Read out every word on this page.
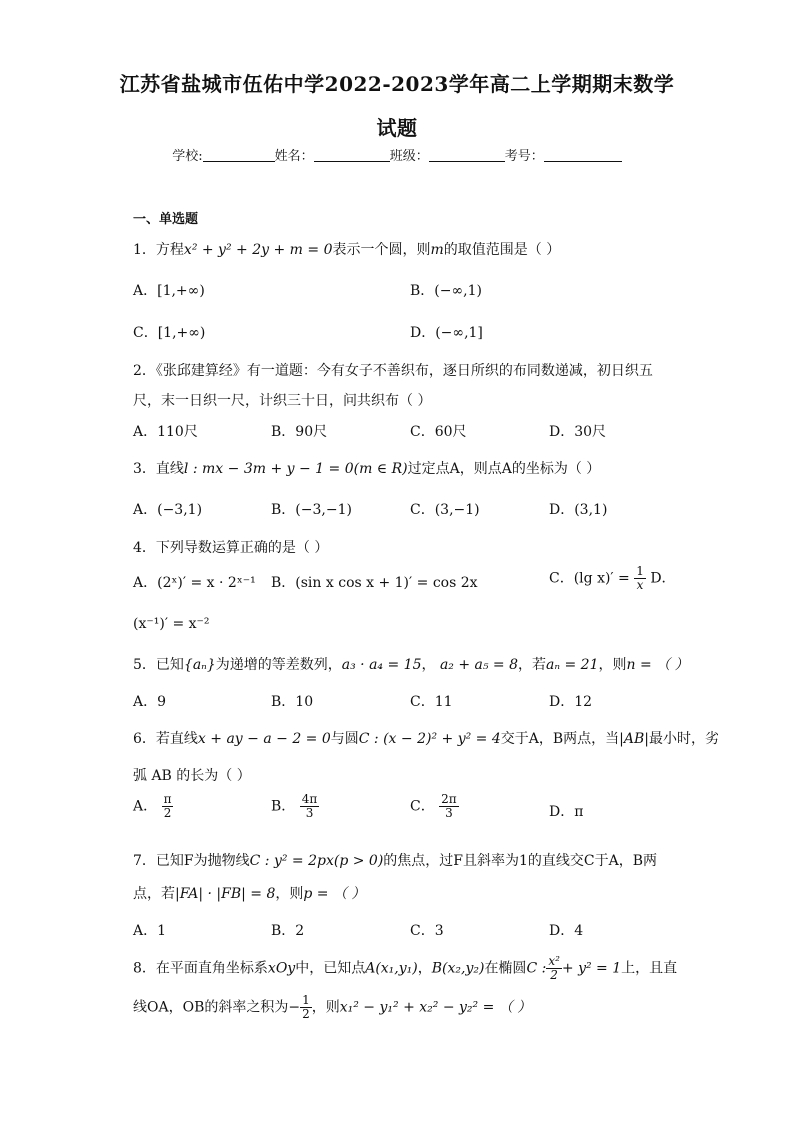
江苏省盐城市伍佑中学2022-2023学年高二上学期期末数学
试题
学校:	姓名：	班级：	考号：
一、单选题
1．方程x² + y² + 2y + m = 0表示一个圆，则m的取值范围是（ ）
A．[1,+∞)	B．(−∞,1)
C．[1,+∞)	D．(−∞,1]
2．《张邱建算经》有一道题：今有女子不善织布，逐日所织的布同数递减，初日织五
尺，末一日织一尺，计织三十日，问共织布（ ）
A．110尺	B．90尺	C．60尺	D．30尺
3．直线l : mx − 3m + y − 1 = 0(m ∈ R)过定点A，则点A的坐标为（ ）
A．(−3,1)	B．(−3,−1)	C．(3,−1)	D．(3,1)
4．下列导数运算正确的是（ ）
A．(2ˣ)′ = x · 2ˣ⁻¹ B．(sin x cos x + 1)′ = cos 2x	C．(lg $x)' = \frac{1}{x}$ D．
(x⁻¹)′ = x⁻²
5．已知{aₙ}为递增的等差数列，a₃ · a₄ = 15， a₂ + a₅ = 8，若aₙ = 21，则n = （ ）
A．9	B．10	C．11	D．12
6．若直线x + ay − a − 2 = 0与圆C : (x − 2)² + y² = 4交于A，B两点，当|AB|最小时，劣
弧 AB 的长为（ ）
A． $\frac{\pi}{2}$	B． $\frac{4\pi}{3}$	C． $\frac{2\pi}{3}$	D．π
7．已知F为抛物线C : y² = 2px(p > 0)的焦点，过F且斜率为1的直线交C于A，B两
点，若|FA| · |FB| = 8，则p = （ ）
A．1	B．2	C．3	D．4
8．在平面直角坐标系xOy中，已知点A(x₁,y₁)，B(x₂,y₂)在椭圆C : $\frac{\text{x²}}{2} + y^2 = 1$上，且直
线OA，OB的斜率之积为− $\frac{1}{2}$ ，则x₁² − y₁² + x₂² − y₂² = （ ）
